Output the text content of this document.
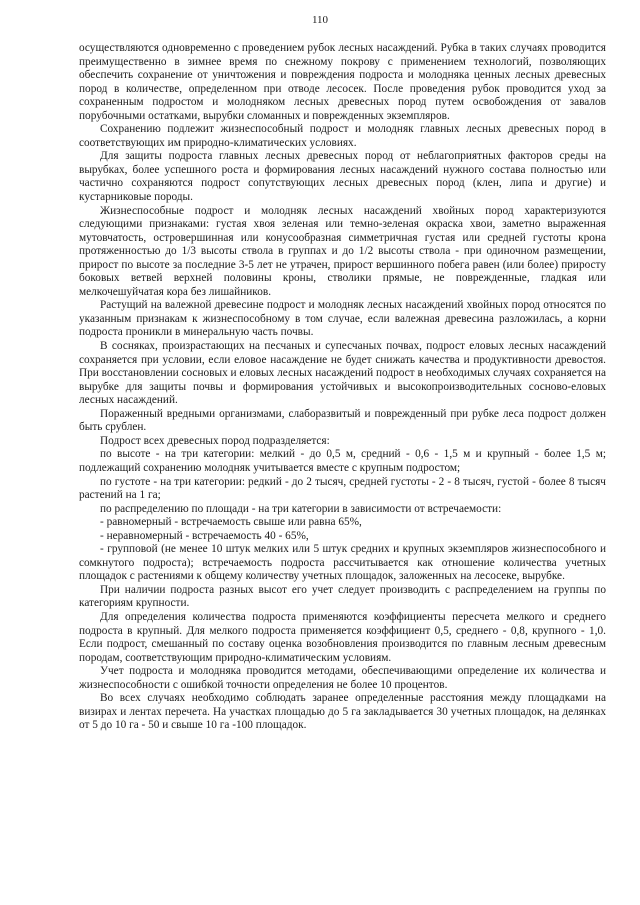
110

осуществляются одновременно с проведением рубок лесных насаждений. Рубка в таких случаях проводится преимущественно в зимнее время по снежному покрову с применением технологий, позволяющих обеспечить сохранение от уничтожения и повреждения подроста и молодняка ценных лесных древесных пород в количестве, определенном при отводе лесосек. После проведения рубок проводится уход за сохраненным подростом и молодняком лесных древесных пород путем освобождения от завалов порубочными остатками, вырубки сломанных и поврежденных экземпляров.

Сохранению подлежит жизнеспособный подрост и молодняк главных лесных древесных пород в соответствующих им природно-климатических условиях.

Для защиты подроста главных лесных древесных пород от неблагоприятных факторов среды на вырубках, более успешного роста и формирования лесных насаждений нужного состава полностью или частично сохраняются подрост сопутствующих лесных древесных пород (клен, липа и другие) и кустарниковые породы.

Жизнеспособные подрост и молодняк лесных насаждений хвойных пород характеризуются следующими признаками: густая хвоя зеленая или темно-зеленая окраска хвои, заметно выраженная мутовчатость, островершинная или конусообразная симметричная густая или средней густоты крона протяженностью до 1/3 высоты ствола в группах и до 1/2 высоты ствола - при одиночном размещении, прирост по высоте за последние 3-5 лет не утрачен, прирост вершинного побега равен (или более) приросту боковых ветвей верхней половины кроны, стволики прямые, не поврежденные, гладкая или мелкочешуйчатая кора без лишайников.

Растущий на валежной древесине подрост и молодняк лесных насаждений хвойных пород относятся по указанным признакам к жизнеспособному в том случае, если валежная древесина разложилась, а корни подроста проникли в минеральную часть почвы.

В сосняках, произрастающих на песчаных и супесчаных почвах, подрост еловых лесных насаждений сохраняется при условии, если еловое насаждение не будет снижать качества и продуктивности древостоя. При восстановлении сосновых и еловых лесных насаждений подрост в необходимых случаях сохраняется на вырубке для защиты почвы и формирования устойчивых и высокопроизводительных сосново-еловых лесных насаждений.

Пораженный вредными организмами, слаборазвитый и поврежденный при рубке леса подрост должен быть срублен.

Подрост всех древесных пород подразделяется:

по высоте - на три категории: мелкий - до 0,5 м, средний - 0,6 - 1,5 м и крупный - более 1,5 м; подлежащий сохранению молодняк учитывается вместе с крупным подростом;

по густоте - на три категории: редкий - до 2 тысяч, средней густоты - 2 - 8 тысяч, густой - более 8 тысяч растений на 1 га;

по распределению по площади - на три категории в зависимости от встречаемости:

- равномерный - встречаемость свыше или равна 65%,

- неравномерный - встречаемость 40 - 65%,

- групповой (не менее 10 штук мелких или 5 штук средних и крупных экземпляров жизнеспособного и сомкнутого подроста); встречаемость подроста рассчитывается как отношение количества учетных площадок с растениями к общему количеству учетных площадок, заложенных на лесосеке, вырубке.

При наличии подроста разных высот его учет следует производить с распределением на группы по категориям крупности.

Для определения количества подроста применяются коэффициенты пересчета мелкого и среднего подроста в крупный. Для мелкого подроста применяется коэффициент 0,5, среднего - 0,8, крупного - 1,0. Если подрост, смешанный по составу оценка возобновления производится по главным лесным древесным породам, соответствующим природно-климатическим условиям.

Учет подроста и молодняка проводится методами, обеспечивающими определение их количества и жизнеспособности с ошибкой точности определения не более 10 процентов.

Во всех случаях необходимо соблюдать заранее определенные расстояния между площадками на визирах и лентах перечета. На участках площадью до 5 га закладывается 30 учетных площадок, на делянках от 5 до 10 га - 50 и свыше 10 га -100 площадок.
